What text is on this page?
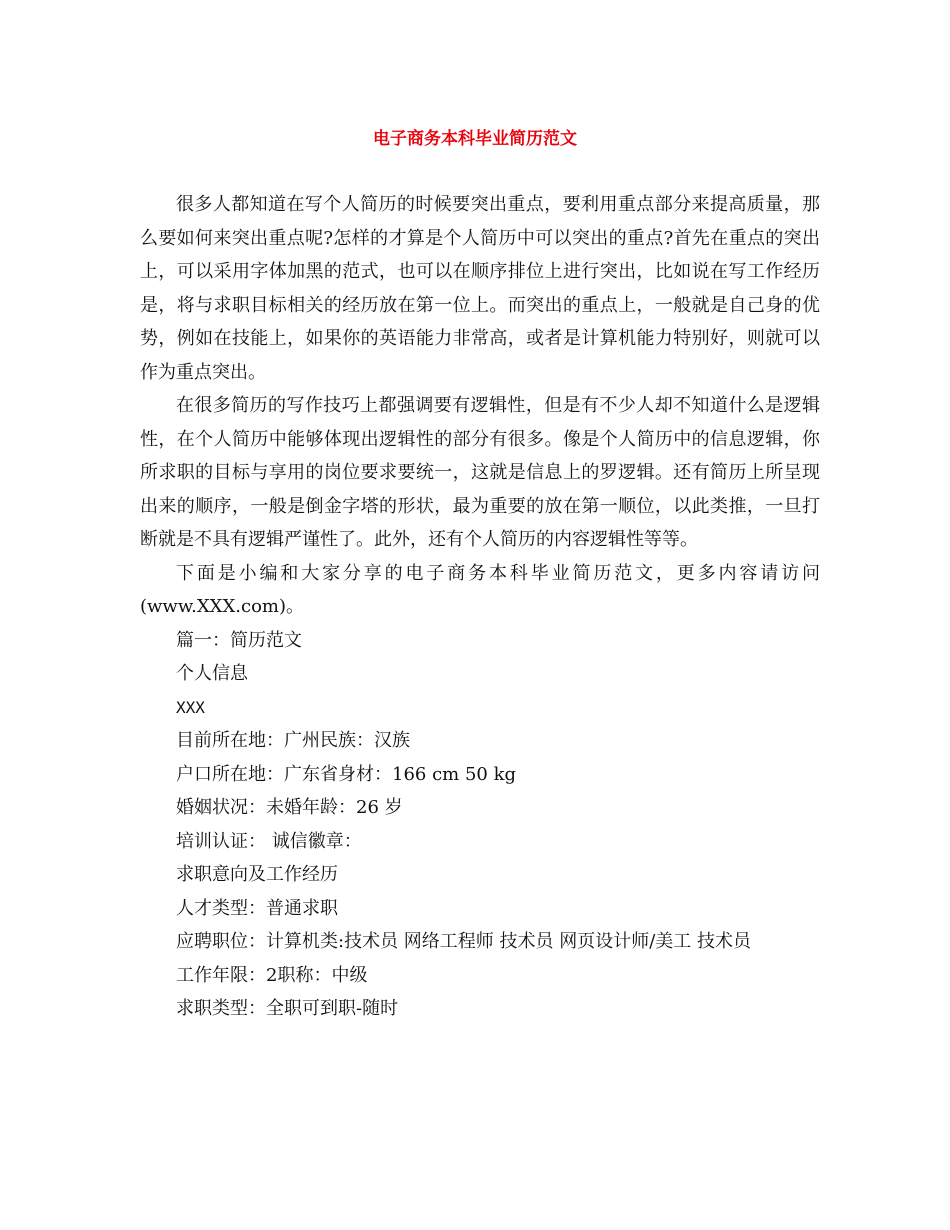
电子商务本科毕业简历范文

很多人都知道在写个人简历的时候要突出重点，要利用重点部分来提高质量，那么要如何来突出重点呢?怎样的才算是个人简历中可以突出的重点?首先在重点的突出上，可以采用字体加黑的范式，也可以在顺序排位上进行突出，比如说在写工作经历是，将与求职目标相关的经历放在第一位上。而突出的重点上，一般就是自己身的优势，例如在技能上，如果你的英语能力非常高，或者是计算机能力特别好，则就可以作为重点突出。

在很多简历的写作技巧上都强调要有逻辑性，但是有不少人却不知道什么是逻辑性，在个人简历中能够体现出逻辑性的部分有很多。像是个人简历中的信息逻辑，你所求职的目标与享用的岗位要求要统一，这就是信息上的罗逻辑。还有简历上所呈现出来的顺序，一般是倒金字塔的形状，最为重要的放在第一顺位，以此类推，一旦打断就是不具有逻辑严谨性了。此外，还有个人简历的内容逻辑性等等。

下面是小编和大家分享的电子商务本科毕业简历范文，更多内容请访问(www.XXX.com)。

篇一：简历范文

个人信息

XXX

目前所在地：广州民族：汉族

户口所在地：广东省身材：166 cm 50 kg

婚姻状况：未婚年龄：26 岁

培训认证： 诚信徽章：

求职意向及工作经历

人才类型：普通求职

应聘职位：计算机类:技术员 网络工程师 技术员 网页设计师/美工 技术员

工作年限：2职称：中级

求职类型：全职可到职-随时
